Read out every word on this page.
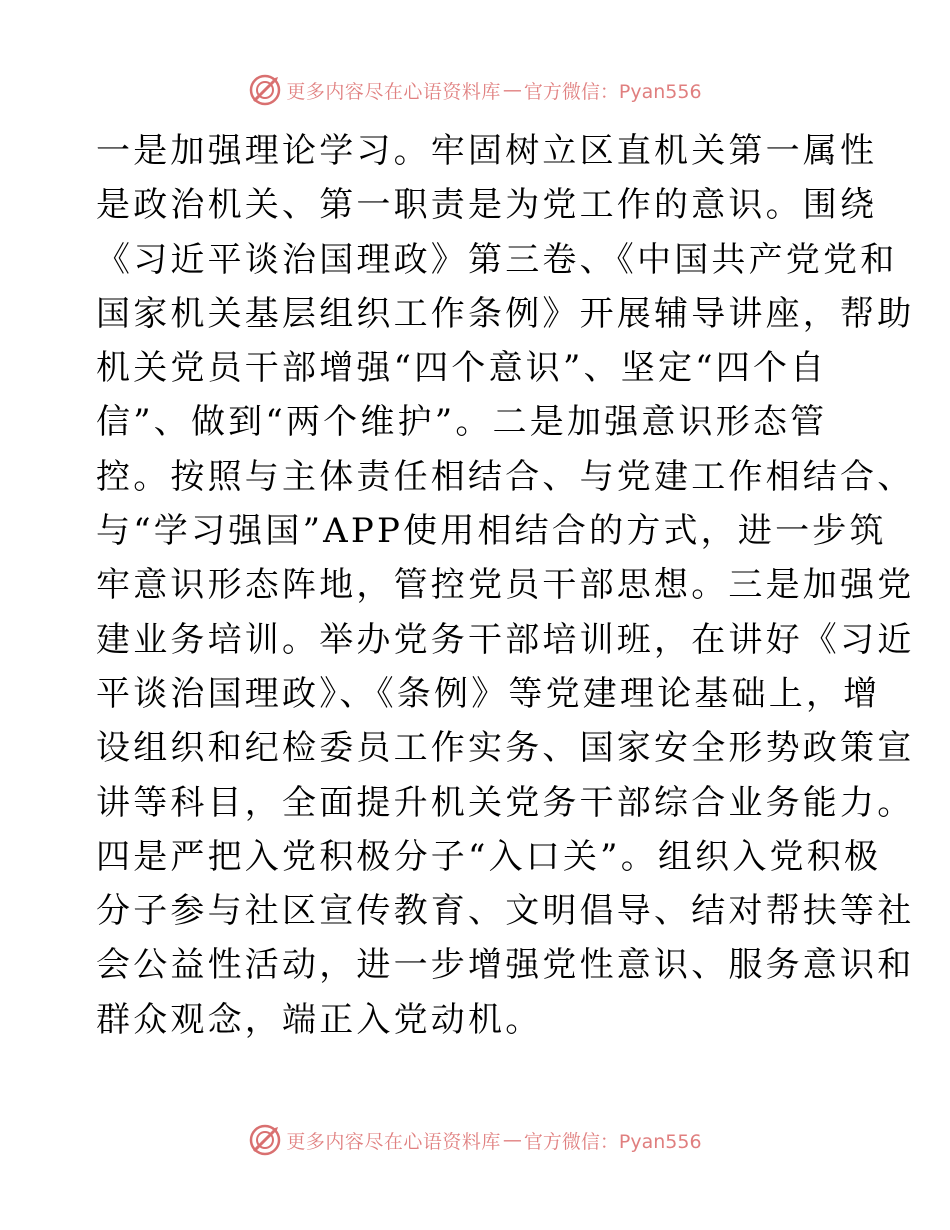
更多内容尽在心语资料库 — 官方微信：Pyan556
一是加强理论学习。牢固树立区直机关第一属性
是政治机关、第一职责是为党工作的意识。围绕
《习近平谈治国理政》第三卷、《中国共产党党和
国家机关基层组织工作条例》开展辅导讲座，帮助
机关党员干部增强“四个意识”、坚定“四个自
信”、做到“两个维护”。二是加强意识形态管
控。按照与主体责任相结合、与党建工作相结合、
与“学习强国”APP使用相结合的方式，进一步筑
牢意识形态阵地，管控党员干部思想。三是加强党
建业务培训。举办党务干部培训班，在讲好《习近
平谈治国理政》、《条例》等党建理论基础上，增
设组织和纪检委员工作实务、国家安全形势政策宣
讲等科目，全面提升机关党务干部综合业务能力。
四是严把入党积极分子“入口关”。组织入党积极
分子参与社区宣传教育、文明倡导、结对帮扶等社
会公益性活动，进一步增强党性意识、服务意识和
群众观念，端正入党动机。
更多内容尽在心语资料库 — 官方微信：Pyan556
